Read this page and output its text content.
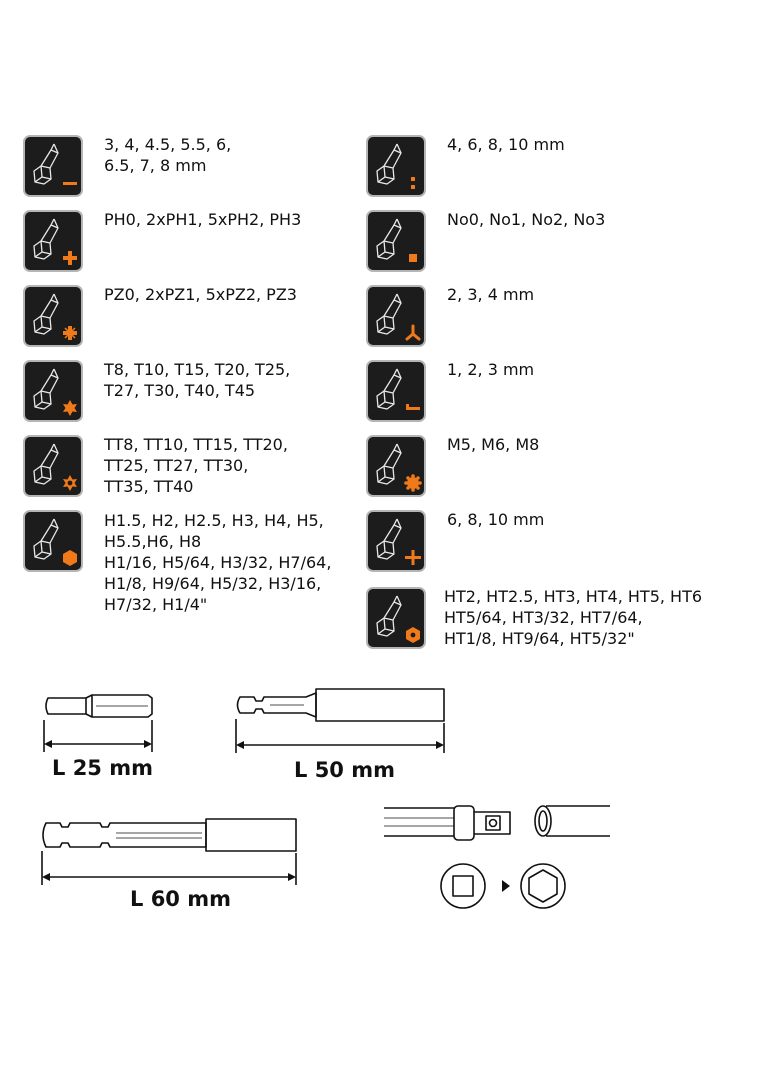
3, 4, 4.5, 5.5, 6,
6.5, 7, 8 mm
PH0, 2xPH1, 5xPH2, PH3
PZ0, 2xPZ1, 5xPZ2, PZ3
T8, T10, T15, T20, T25,
T27, T30, T40, T45
TT8, TT10, TT15, TT20,
TT25, TT27, TT30,
TT35, TT40
H1.5, H2, H2.5, H3, H4, H5,
H5.5,H6, H8
H1/16, H5/64, H3/32, H7/64,
H1/8, H9/64, H5/32, H3/16,
H7/32, H1/4"
4, 6, 8, 10 mm
No0, No1, No2, No3
2, 3, 4 mm
1, 2, 3 mm
M5, M6, M8
6, 8, 10 mm
HT2, HT2.5, HT3, HT4, HT5, HT6
HT5/64, HT3/32, HT7/64,
HT1/8, HT9/64, HT5/32"
L 25 mm	L 50 mm
L 60 mm
